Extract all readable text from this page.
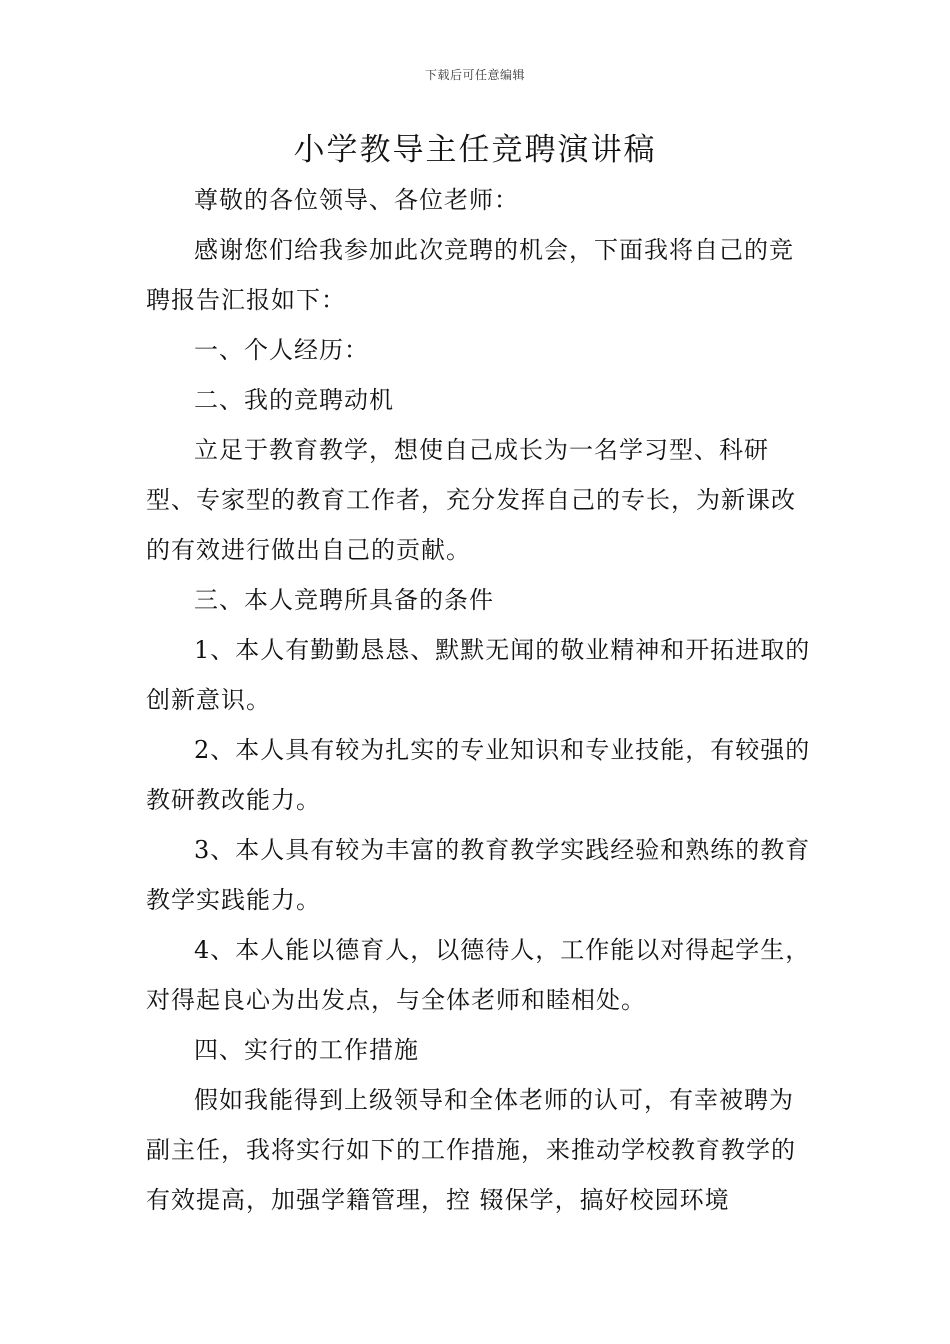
下载后可任意编辑
小学教导主任竞聘演讲稿

尊敬的各位领导、各位老师：

感谢您们给我参加此次竞聘的机会，下面我将自己的竞聘报告汇报如下：

一、个人经历：

二、我的竞聘动机

立足于教育教学，想使自己成长为一名学习型、科研型、专家型的教育工作者，充分发挥自己的专长，为新课改的有效进行做出自己的贡献。

三、本人竞聘所具备的条件

1、本人有勤勤恳恳、默默无闻的敬业精神和开拓进取的创新意识。

2、本人具有较为扎实的专业知识和专业技能，有较强的教研教改能力。

3、本人具有较为丰富的教育教学实践经验和熟练的教育教学实践能力。

4、本人能以德育人，以德待人，工作能以对得起学生，对得起良心为出发点，与全体老师和睦相处。

四、实行的工作措施

假如我能得到上级领导和全体老师的认可，有幸被聘为副主任，我将实行如下的工作措施，来推动学校教育教学的有效提高，加强学籍管理，控 辍保学，搞好校园环境
